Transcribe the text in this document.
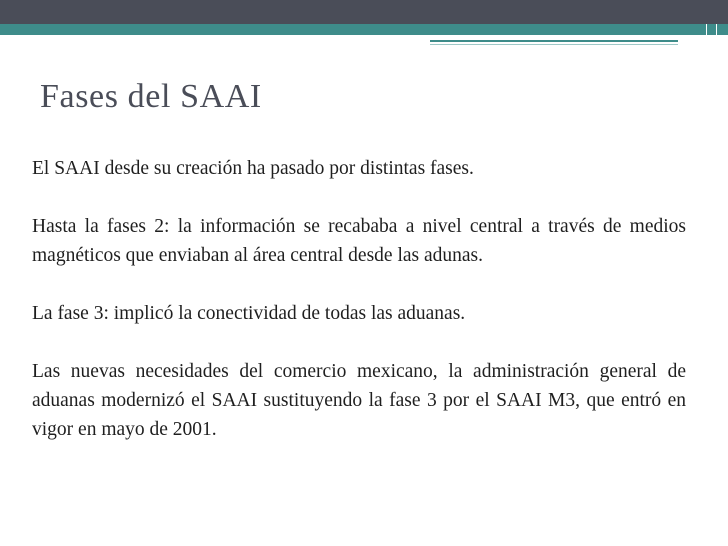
Fases del SAAI

El SAAI desde su creación ha pasado por distintas fases.

Hasta la fases 2: la información se recababa a nivel central a través de medios magnéticos que enviaban al área central desde las adunas.

La fase 3: implicó la conectividad de todas las aduanas.

Las nuevas necesidades del comercio mexicano, la administración general de aduanas modernizó el SAAI sustituyendo la fase 3 por el SAAI M3, que entró en vigor en mayo de 2001.
